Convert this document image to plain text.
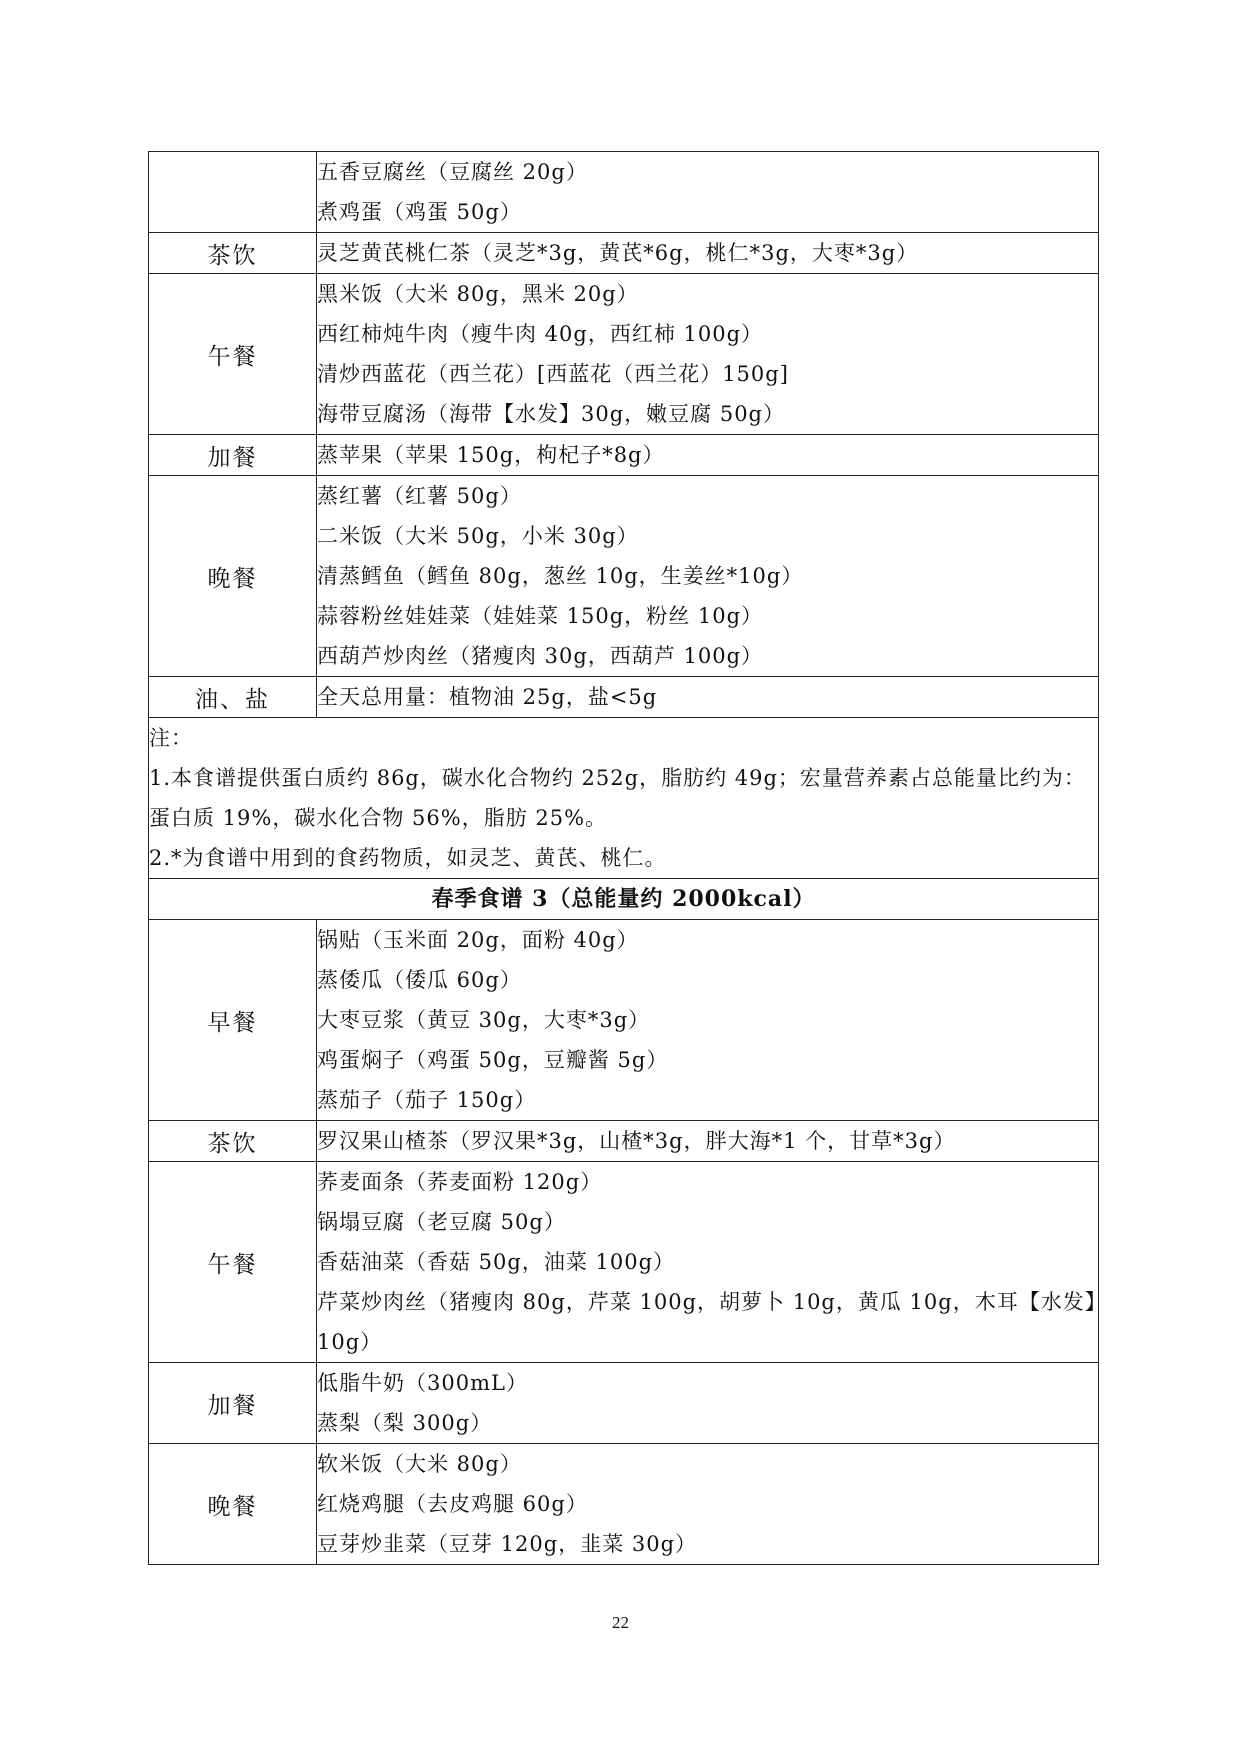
	五香豆腐丝（豆腐丝 20g）
煮鸡蛋（鸡蛋 50g）

茶饮	灵芝黄芪桃仁茶（灵芝*3g，黄芪*6g，桃仁*3g，大枣*3g）

午餐	黑米饭（大米 80g，黑米 20g）
西红柿炖牛肉（瘦牛肉 40g，西红柿 100g）
清炒西蓝花（西兰花）[西蓝花（西兰花）150g]
海带豆腐汤（海带【水发】30g，嫩豆腐 50g）

加餐	蒸苹果（苹果 150g，枸杞子*8g）

晚餐	蒸红薯（红薯 50g）
二米饭（大米 50g，小米 30g）
清蒸鳕鱼（鳕鱼 80g，葱丝 10g，生姜丝*10g）
蒜蓉粉丝娃娃菜（娃娃菜 150g，粉丝 10g）
西葫芦炒肉丝（猪瘦肉 30g，西葫芦 100g）

油、盐	全天总用量：植物油 25g，盐<5g

注：
1.本食谱提供蛋白质约 86g，碳水化合物约 252g，脂肪约 49g；宏量营养素占总能量比约为：蛋白质 19%，碳水化合物 56%，脂肪 25%。
2.*为食谱中用到的食药物质，如灵芝、黄芪、桃仁。	

春季食谱 3（总能量约 2000kcal）	
早餐	锅贴（玉米面 20g，面粉 40g）
蒸倭瓜（倭瓜 60g）
大枣豆浆（黄豆 30g，大枣*3g）
鸡蛋焖子（鸡蛋 50g，豆瓣酱 5g）
蒸茄子（茄子 150g）

茶饮	罗汉果山楂茶（罗汉果*3g，山楂*3g，胖大海*1 个，甘草*3g）

午餐	荞麦面条（荞麦面粉 120g）
锅塌豆腐（老豆腐 50g）
香菇油菜（香菇 50g，油菜 100g）
芹菜炒肉丝（猪瘦肉 80g，芹菜 100g，胡萝卜 10g，黄瓜 10g，木耳【水发】10g）

加餐	低脂牛奶（300mL）
蒸梨（梨 300g）

晚餐	软米饭（大米 80g）
红烧鸡腿（去皮鸡腿 60g）
豆芽炒韭菜（豆芽 120g，韭菜 30g）
22
